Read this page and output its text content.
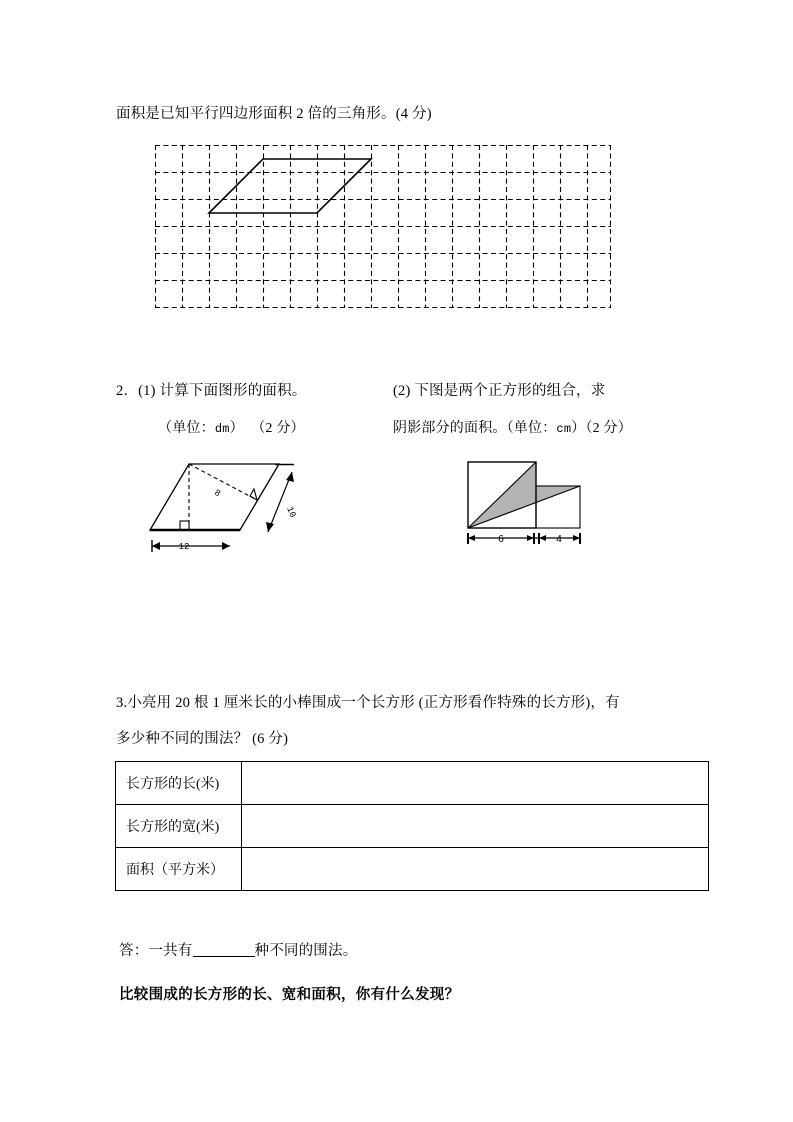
面积是已知平行四边形面积 2 倍的三角形。(4 分)
2．(1) 计算下面图形的面积。
（单位：dm） （2 分）
(2) 下图是两个正方形的组合，求
阴影部分的面积。（单位：cm）（2 分）
12
10
8
6	4
3.小亮用 20 根 1 厘米长的小棒围成一个长方形 (正方形看作特殊的长方形)，有
多少种不同的围法？ (6 分)
长方形的长(米)	
长方形的宽(米)	
面积（平方米）	
答：一共有	种不同的围法。
比较围成的长方形的长、宽和面积，你有什么发现？
